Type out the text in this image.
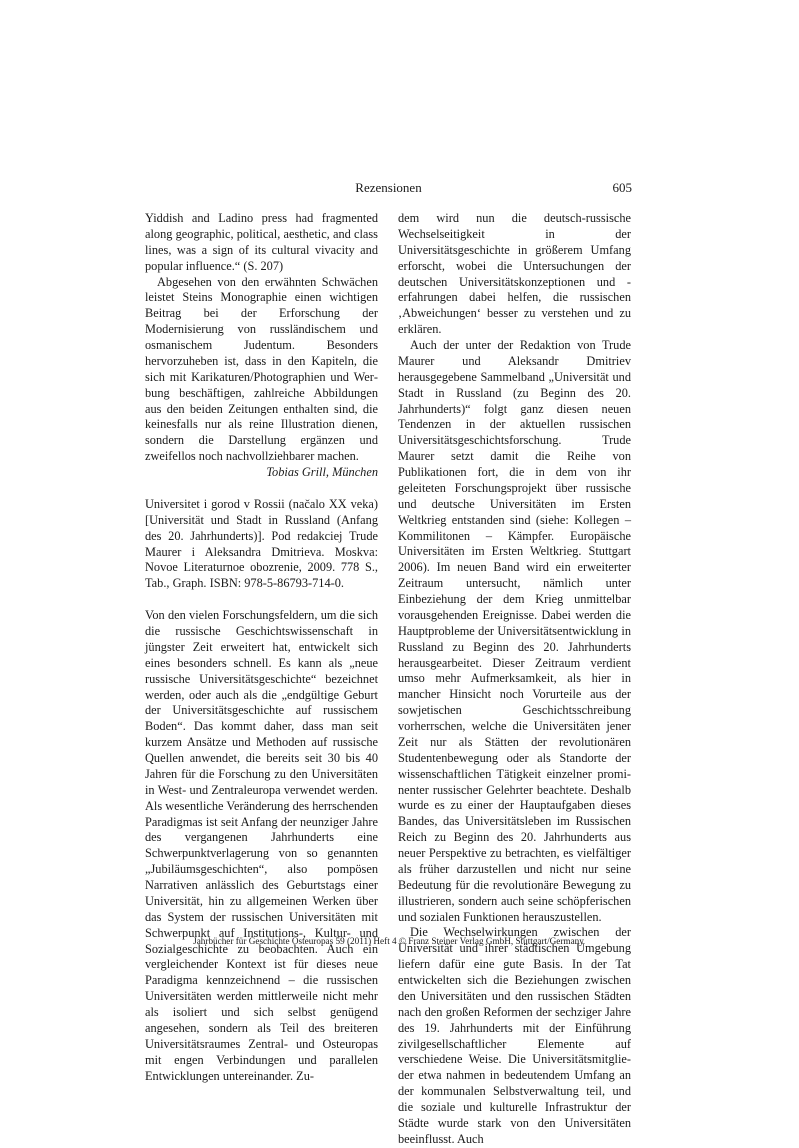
Rezensionen	605

Yiddish and Ladino press had fragmented along geographic, political, aesthetic, and class lines, was a sign of its cultural vivacity and popular influence.“ (S. 207)

Abgesehen von den erwähnten Schwächen leistet Steins Monographie einen wichtigen Beitrag bei der Erforschung der Modernisierung von russländischem und osmanischem Judentum. Besonders hervorzuheben ist, dass in den Kapiteln, die sich mit Karikaturen/Photographien und Werbung beschäftigen, zahlreiche Abbildungen aus den beiden Zeitungen enthalten sind, die keinesfalls nur als reine Illustration dienen, sondern die Darstellung ergänzen und zweifellos noch nachvollziehbarer machen.

Tobias Grill, München

Universitet i gorod v Rossii (načalo XX veka) [Universität und Stadt in Russland (Anfang des 20. Jahrhunderts)]. Pod redakciej Trude Maurer i Aleksandra Dmitrieva. Moskva: Novoe Literaturnoe obozrenie, 2009. 778 S., Tab., Graph. ISBN: 978-5-86793-714-0.

Von den vielen Forschungsfeldern, um die sich die russische Geschichtswissenschaft in jüngster Zeit erweitert hat, entwickelt sich eines besonders schnell. Es kann als „neue russische Universitätsgeschichte“ bezeichnet werden, oder auch als die „endgültige Geburt der Universitätsgeschichte auf russischem Boden“. Das kommt daher, dass man seit kurzem Ansätze und Methoden auf russische Quellen anwendet, die bereits seit 30 bis 40 Jahren für die Forschung zu den Universitäten in West- und Zentraleuropa verwendet werden. Als wesentliche Veränderung des herrschenden Paradigmas ist seit Anfang der neunziger Jahre des vergangenen Jahrhunderts eine Schwerpunktverlagerung von so genannten „Jubiläumsgeschichten“, also pompösen Narrativen anlässlich des Geburtstags einer Universität, hin zu allgemeinen Werken über das System der russischen Universitäten mit Schwerpunkt auf Institutions-, Kultur- und Sozialgeschichte zu beobachten. Auch ein vergleichender Kontext ist für dieses neue Paradigma kennzeichnend – die russischen Universitäten werden mittlerweile nicht mehr als isoliert und sich selbst genügend angesehen, sondern als Teil des breiteren Universitätsraumes Zentral- und Osteuropas mit engen Verbindungen und parallelen Entwicklungen untereinander. Zu-

dem wird nun die deutsch-russische Wechselseitigkeit in der Universitätsgeschichte in größerem Umfang erforscht, wobei die Untersuchungen der deutschen Universitätskonzeptionen und -erfahrungen dabei helfen, die russischen ‚Abweichungen‘ besser zu verstehen und zu erklären.

Auch der unter der Redaktion von Trude Maurer und Aleksandr Dmitriev herausgegebene Sammelband „Universität und Stadt in Russland (zu Beginn des 20. Jahrhunderts)“ folgt ganz diesen neuen Tendenzen in der aktuellen russischen Universitätsgeschichtsforschung. Trude Maurer setzt damit die Reihe von Publikationen fort, die in dem von ihr geleiteten Forschungsprojekt über russische und deutsche Universitäten im Ersten Weltkrieg entstanden sind (siehe: Kollegen – Kommilitonen – Kämpfer. Europäische Universitäten im Ersten Weltkrieg. Stuttgart 2006). Im neuen Band wird ein erweiterter Zeitraum untersucht, nämlich unter Einbeziehung der dem Krieg unmittelbar vorausgehenden Ereignisse. Dabei werden die Hauptprobleme der Universitätsentwicklung in Russland zu Beginn des 20. Jahrhunderts herausgearbeitet. Dieser Zeitraum verdient umso mehr Aufmerksamkeit, als hier in mancher Hinsicht noch Vorurteile aus der sowjetischen Geschichtsschreibung vorherrschen, welche die Universitäten jener Zeit nur als Stätten der revolutionären Studentenbewegung oder als Standorte der wissenschaftlichen Tätigkeit einzelner prominenter russischer Gelehrter beachtete. Deshalb wurde es zu einer der Hauptaufgaben dieses Bandes, das Universitätsleben im Russischen Reich zu Beginn des 20. Jahrhunderts aus neuer Perspektive zu betrachten, es vielfältiger als früher darzustellen und nicht nur seine Bedeutung für die revolutionäre Bewegung zu illustrieren, sondern auch seine schöpferischen und sozialen Funktionen herauszustellen.

Die Wechselwirkungen zwischen der Universität und ihrer städtischen Umgebung liefern dafür eine gute Basis. In der Tat entwickelten sich die Beziehungen zwischen den Universitäten und den russischen Städten nach den großen Reformen der sechziger Jahre des 19. Jahrhunderts mit der Einführung zivilgesellschaftlicher Elemente auf verschiedene Weise. Die Universitätsmitglieder etwa nahmen in bedeutendem Umfang an der kommunalen Selbstverwaltung teil, und die soziale und kulturelle Infrastruktur der Städte wurde stark von den Universitäten beeinflusst. Auch

Jahrbücher für Geschichte Osteuropas 59 (2011) Heft 4 © Franz Steiner Verlag GmbH, Stuttgart/Germany
